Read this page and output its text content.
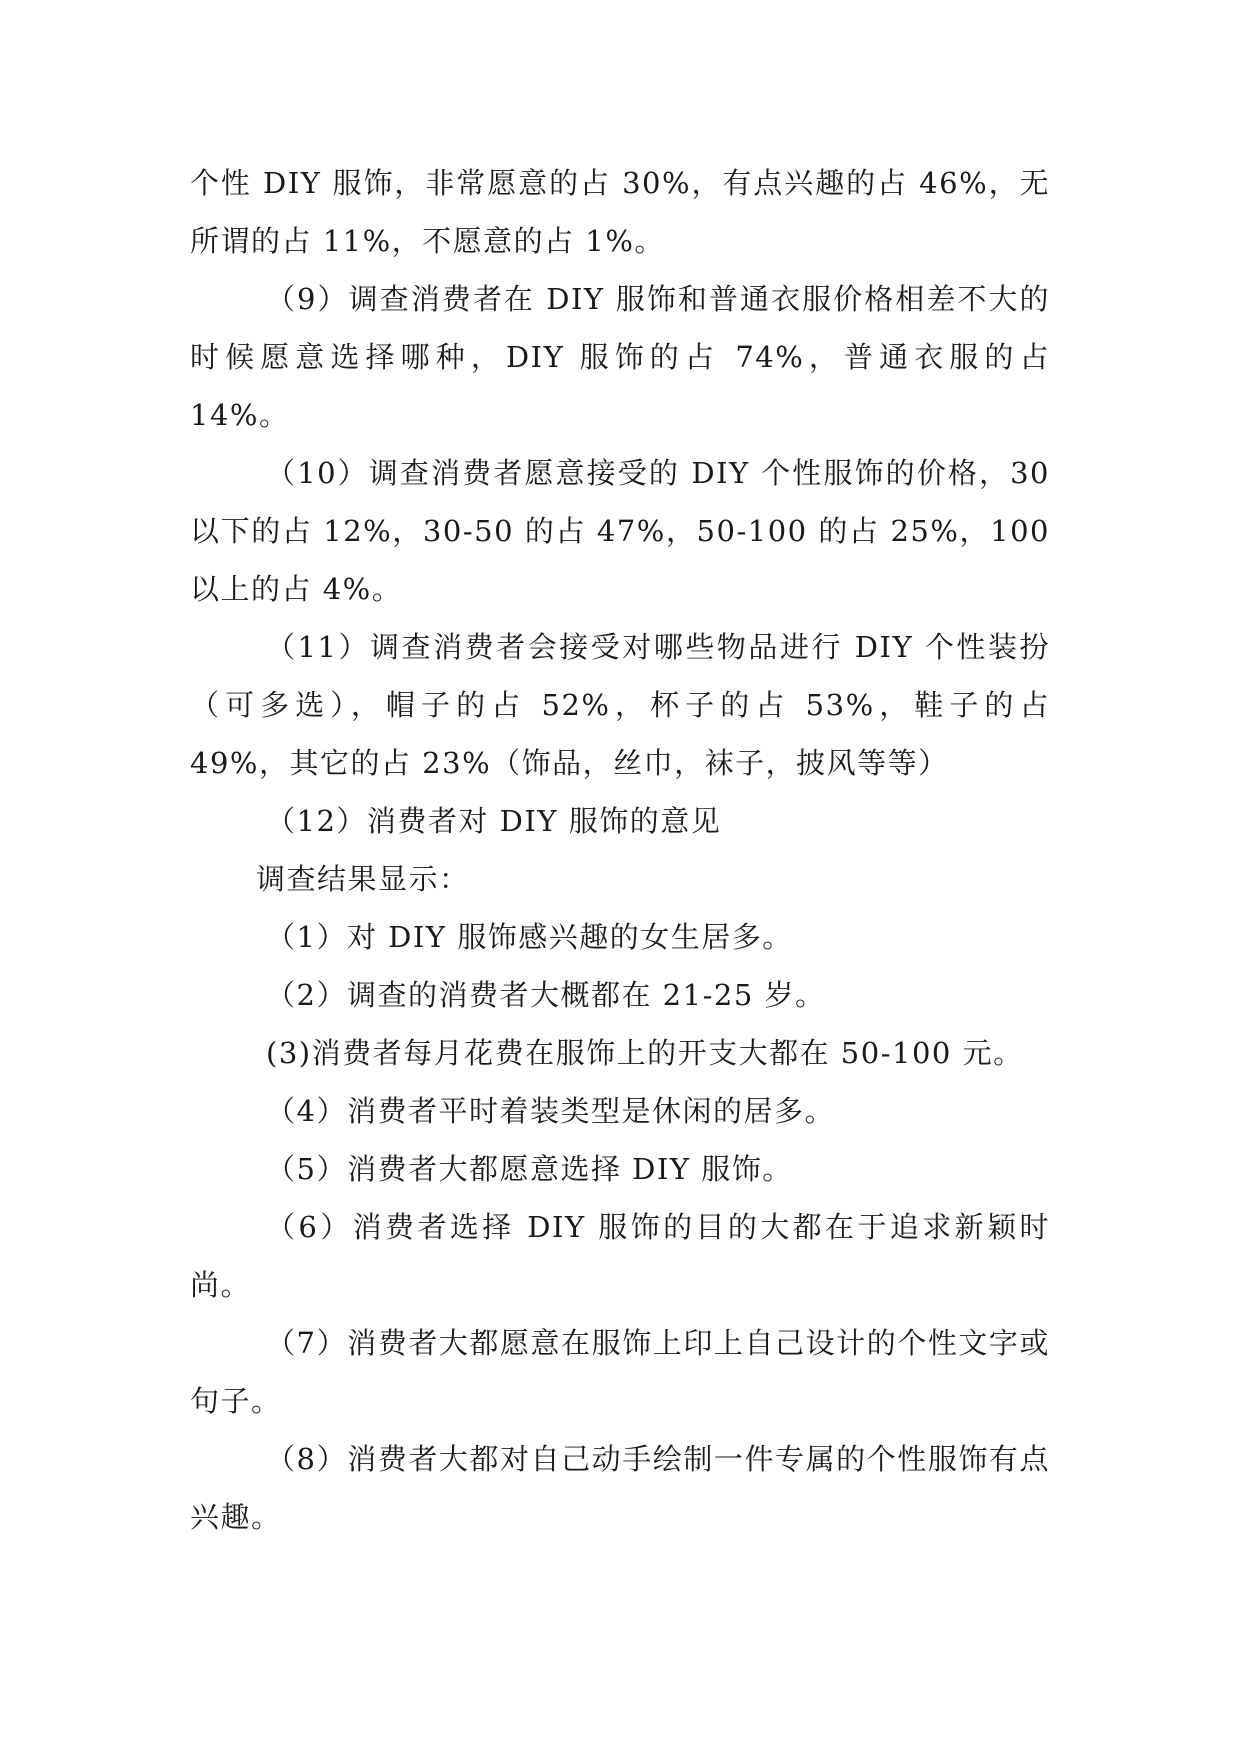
个性 DIY 服饰，非常愿意的占 30%，有点兴趣的占 46%，无所谓的占 11%，不愿意的占 1%。

（9）调查消费者在 DIY 服饰和普通衣服价格相差不大的时候愿意选择哪种，DIY 服饰的占 74%，普通衣服的占 14%。

（10）调查消费者愿意接受的 DIY 个性服饰的价格，30 以下的占 12%，30-50 的占 47%，50-100 的占 25%，100 以上的占 4%。

（11）调查消费者会接受对哪些物品进行 DIY 个性装扮（可多选），帽子的占 52%，杯子的占 53%，鞋子的占 49%，其它的占 23%（饰品，丝巾，袜子，披风等等）

（12）消费者对 DIY 服饰的意见

调查结果显示：

（1）对 DIY 服饰感兴趣的女生居多。

（2）调查的消费者大概都在 21-25 岁。

(3)消费者每月花费在服饰上的开支大都在 50-100 元。

（4）消费者平时着装类型是休闲的居多。

（5）消费者大都愿意选择 DIY 服饰。

（6）消费者选择 DIY 服饰的目的大都在于追求新颖时尚。

（7）消费者大都愿意在服饰上印上自己设计的个性文字或句子。

（8）消费者大都对自己动手绘制一件专属的个性服饰有点兴趣。
